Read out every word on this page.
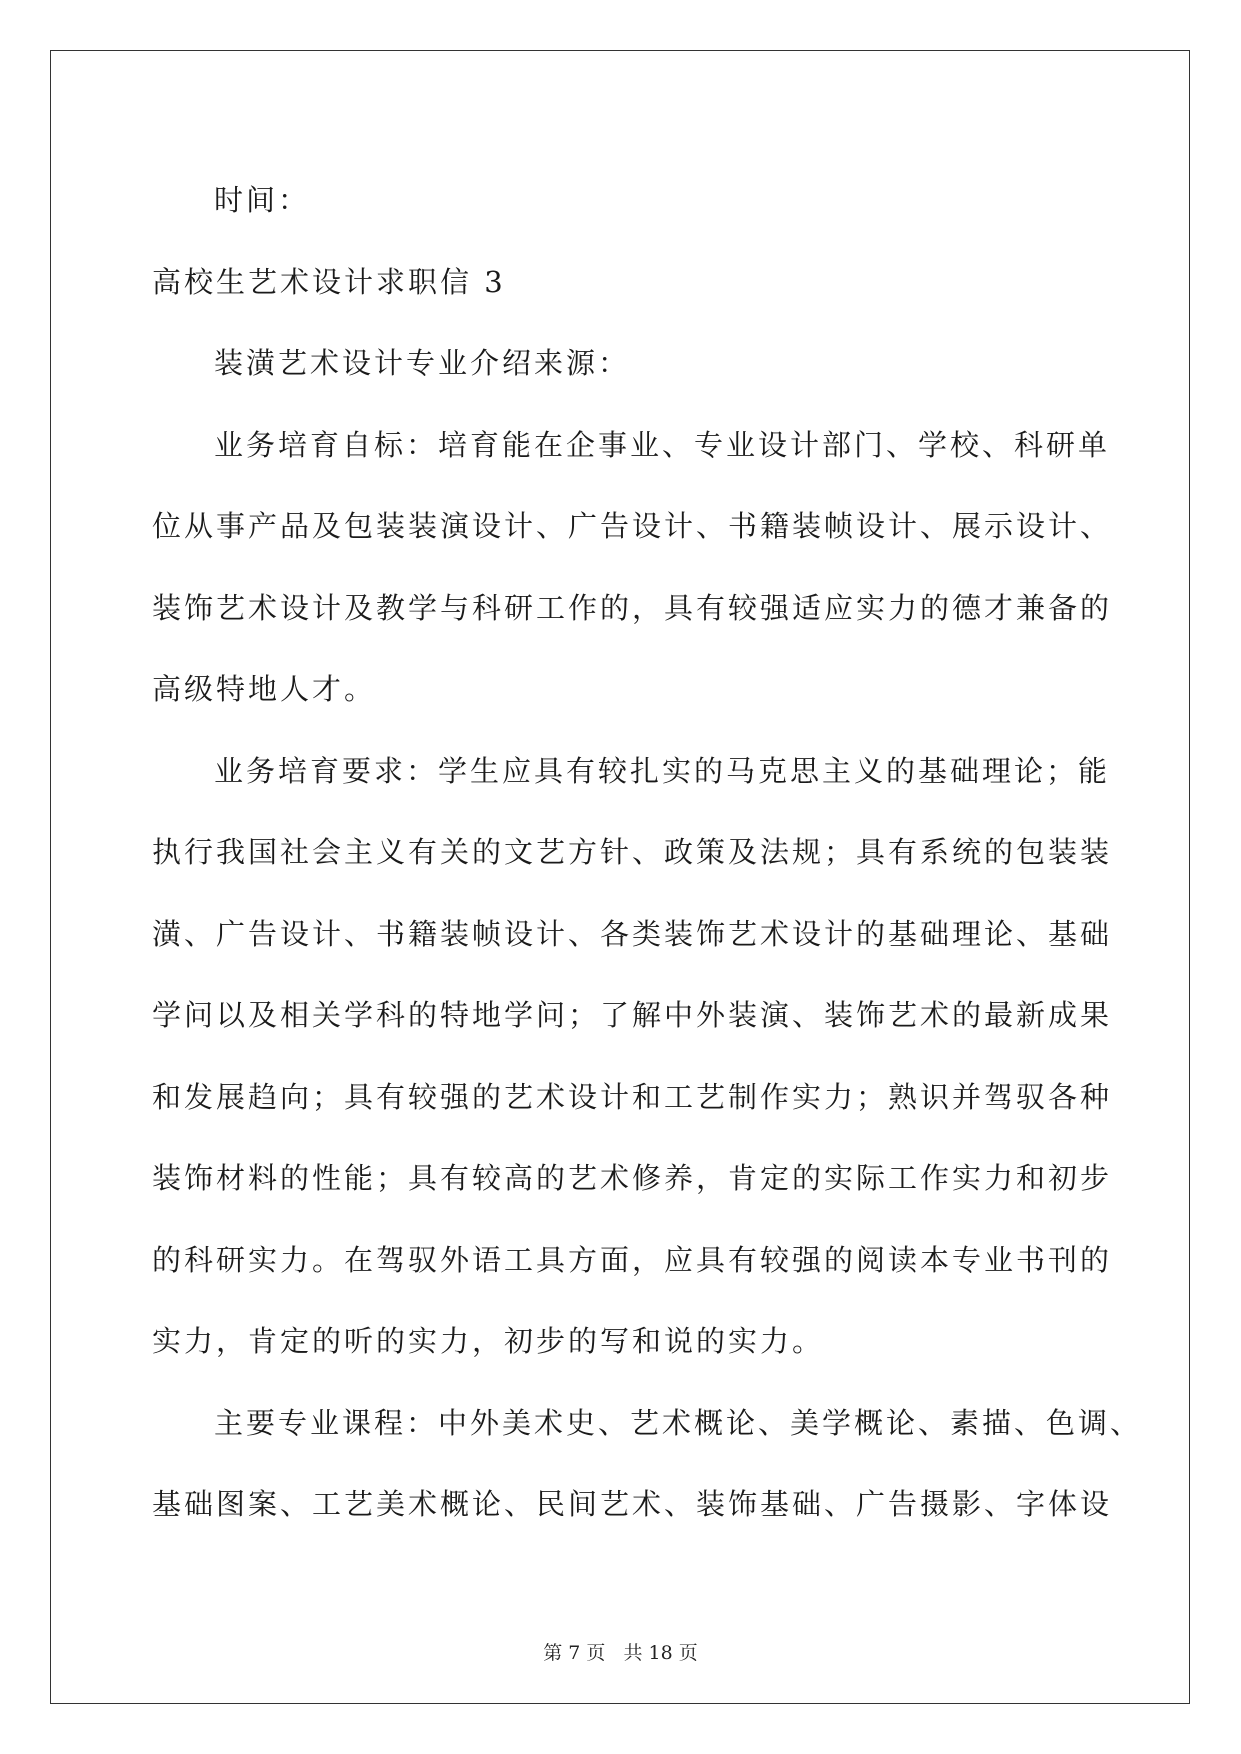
时间：
高校生艺术设计求职信 3
装潢艺术设计专业介绍来源：
业务培育自标：培育能在企事业、专业设计部门、学校、科研单
位从事产品及包装装演设计、广告设计、书籍装帧设计、展示设计、
装饰艺术设计及教学与科研工作的，具有较强适应实力的德才兼备的
高级特地人才。
业务培育要求：学生应具有较扎实的马克思主义的基础理论；能
执行我国社会主义有关的文艺方针、政策及法规；具有系统的包装装
潢、广告设计、书籍装帧设计、各类装饰艺术设计的基础理论、基础
学问以及相关学科的特地学问；了解中外装演、装饰艺术的最新成果
和发展趋向；具有较强的艺术设计和工艺制作实力；熟识并驾驭各种
装饰材料的性能；具有较高的艺术修养，肯定的实际工作实力和初步
的科研实力。在驾驭外语工具方面，应具有较强的阅读本专业书刊的
实力，肯定的听的实力，初步的写和说的实力。
主要专业课程：中外美术史、艺术概论、美学概论、素描、色调、
基础图案、工艺美术概论、民间艺术、装饰基础、广告摄影、字体设
第 7 页 共 18 页
